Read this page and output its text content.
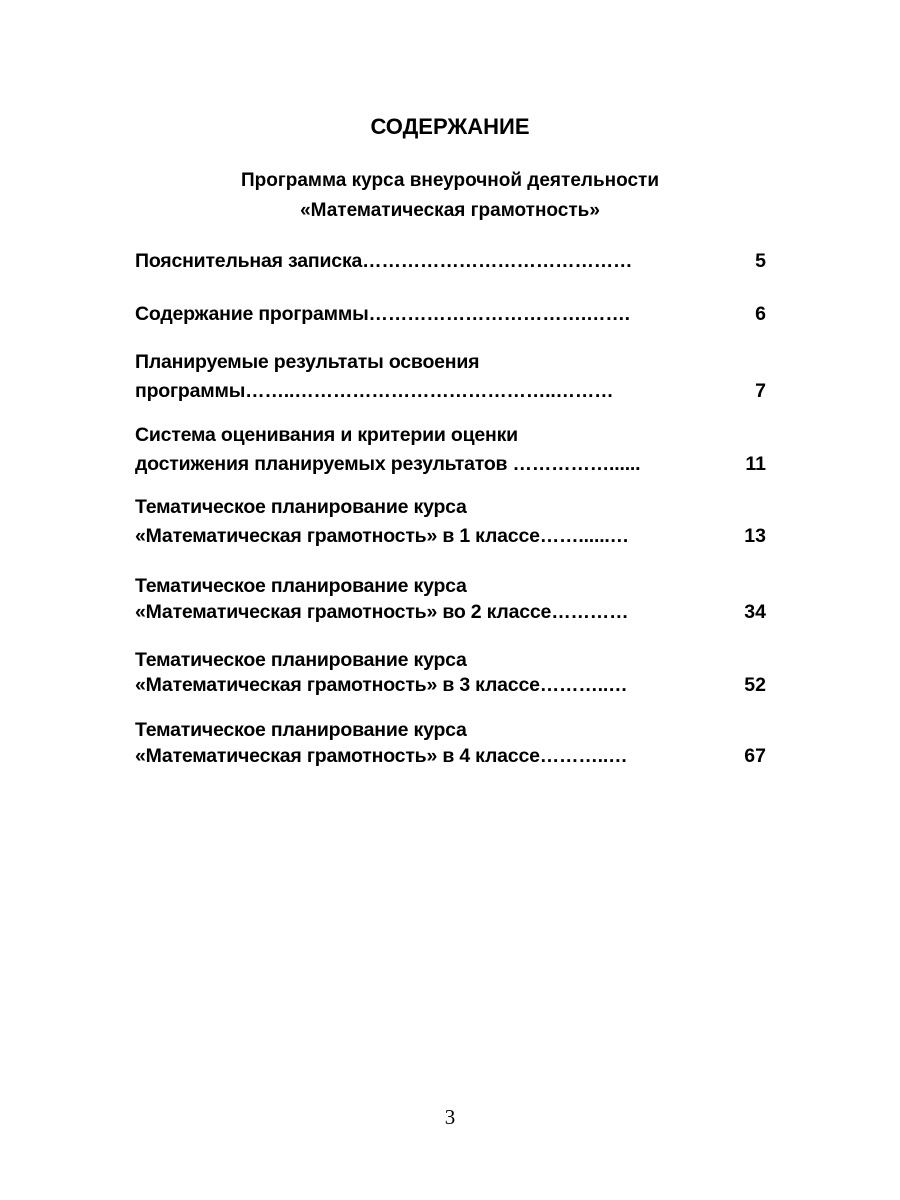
СОДЕРЖАНИЕ
Программа курса внеурочной деятельности
«Математическая грамотность»
Пояснительная записка……………………………………	5
Содержание программы…………………………….…….	6
Планируемые результаты освоения
программы……..…………………………………..………	7
Система оценивания и критерии оценки
достижения планируемых результатов ……………......	11
Тематическое планирование курса
«Математическая грамотность» в 1 классе……......…	13
Тематическое планирование курса
«Математическая грамотность» во 2 классе…………	34
Тематическое планирование курса
«Математическая грамотность» в 3 классе………..…	52
Тематическое планирование курса
«Математическая грамотность» в 4 классе………..…	67
3
